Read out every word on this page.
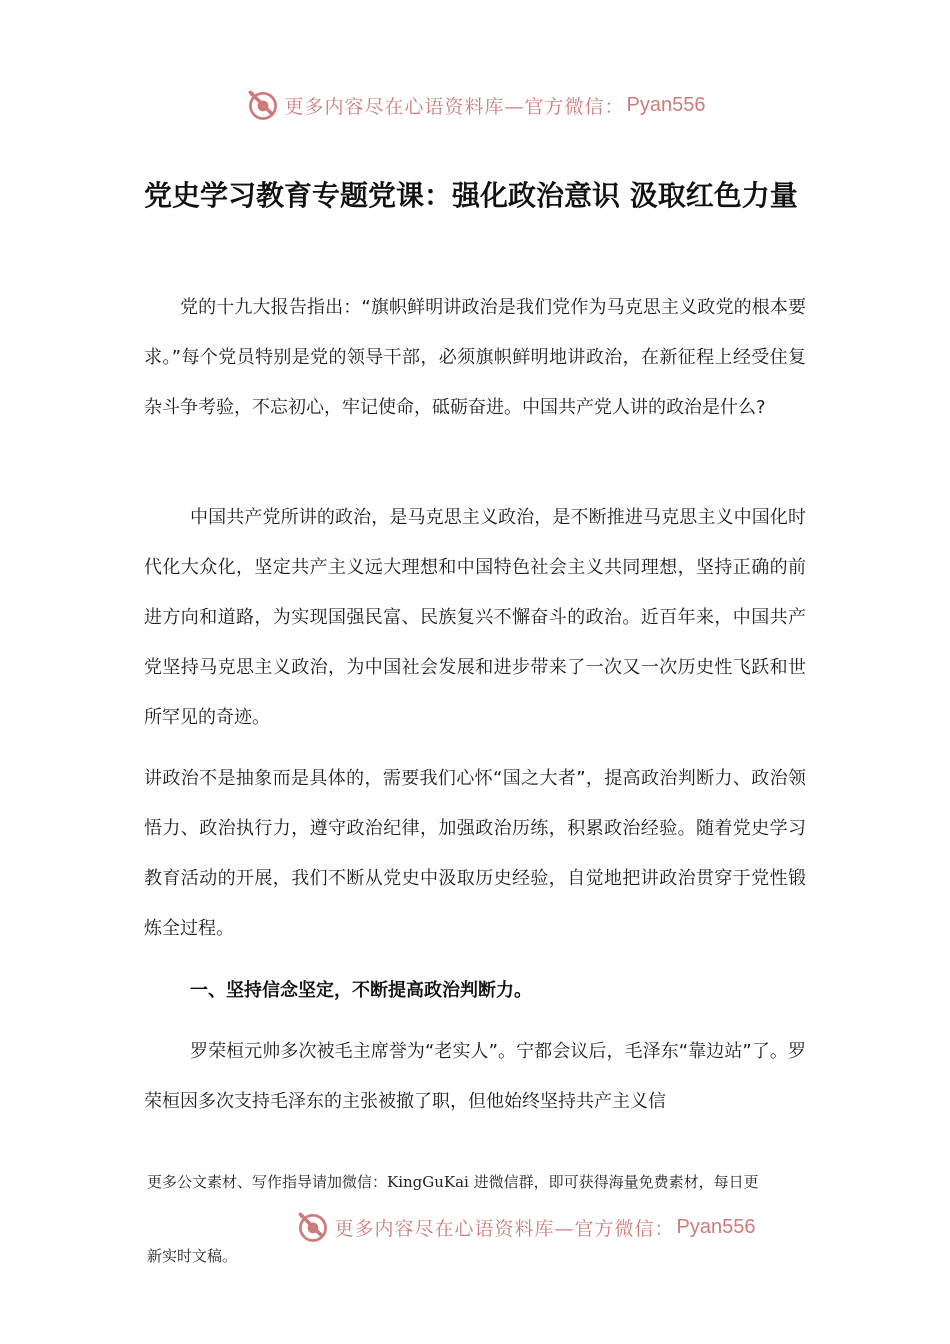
更多内容尽在心语资料库—官方微信： Pyan556
党史学习教育专题党课：强化政治意识 汲取红色力量

党的十九大报告指出：“旗帜鲜明讲政治是我们党作为马克思主义政党的根本要求。”每个党员特别是党的领导干部，必须旗帜鲜明地讲政治，在新征程上经受住复杂斗争考验，不忘初心，牢记使命，砥砺奋进。中国共产党人讲的政治是什么?

中国共产党所讲的政治，是马克思主义政治，是不断推进马克思主义中国化时代化大众化，坚定共产主义远大理想和中国特色社会主义共同理想，坚持正确的前进方向和道路，为实现国强民富、民族复兴不懈奋斗的政治。近百年来，中国共产党坚持马克思主义政治，为中国社会发展和进步带来了一次又一次历史性飞跃和世所罕见的奇迹。

讲政治不是抽象而是具体的，需要我们心怀“国之大者”，提高政治判断力、政治领悟力、政治执行力，遵守政治纪律，加强政治历练，积累政治经验。随着党史学习教育活动的开展，我们不断从党史中汲取历史经验，自觉地把讲政治贯穿于党性锻炼全过程。

一、坚持信念坚定，不断提高政治判断力。

罗荣桓元帅多次被毛主席誉为“老实人”。宁都会议后，毛泽东“靠边站”了。罗荣桓因多次支持毛泽东的主张被撤了职，但他始终坚持共产主义信

更多公文素材、写作指导请加微信：KingGuKai 进微信群，即可获得海量免费素材，每日更
更多内容尽在心语资料库—官方微信： Pyan556
新实时文稿。
